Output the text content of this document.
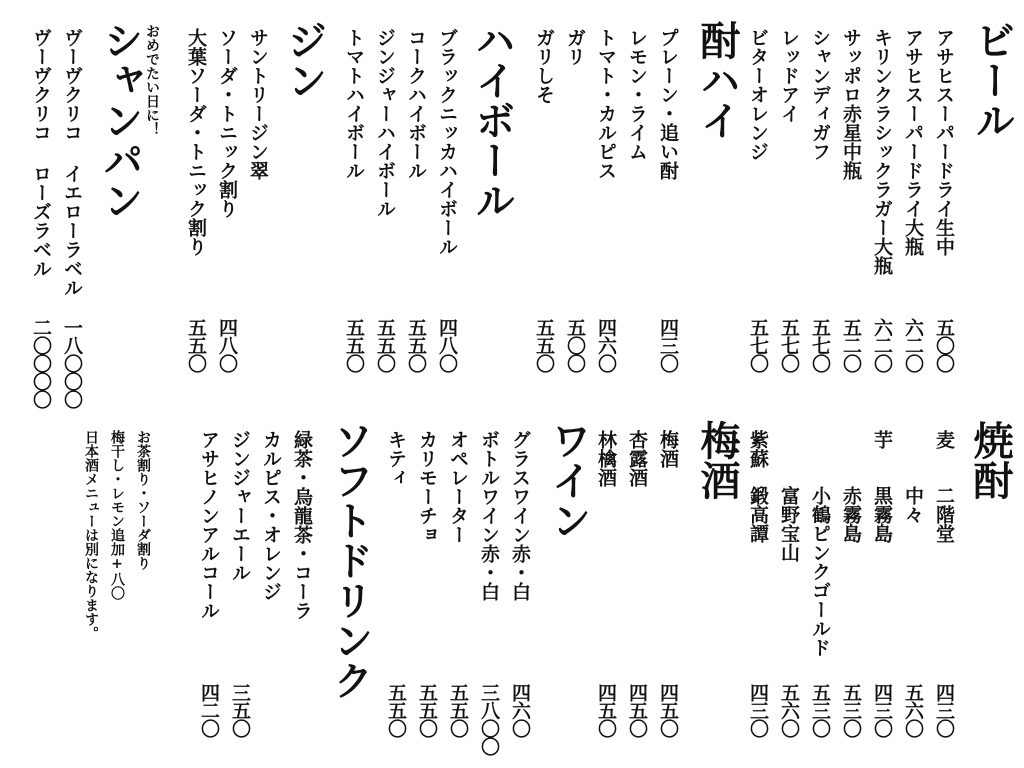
ビール
アサヒスーパードライ生中
五〇〇
アサヒスーパードライ大瓶
六二〇
キリンクラシックラガー大瓶
六二〇
サッポロ赤星中瓶
五二〇
シャンディガフ
五七〇
レッドアイ
五七〇
ビターオレンジ
五七〇
酎ハイ
プレーン・追い酎
四三〇
レモン・ライム
四六〇
トマト・カルピス
五〇〇
ガリ
五五〇
ガリしそ
ハイボール
ブラックニッカハイボール
四八〇
コークハイボール
五五〇
ジンジャーハイボール
五五〇
トマトハイボール
五五〇
ジン
サントリージン翠
ソーダ・トニック割り
四八〇
大葉ソーダ・トニック割り
五五〇
おめでたい日に！
シャンパン
ヴーヴクリコ イエローラベル
一八〇〇〇
ヴーヴクリコ ローズラベル
二〇〇〇〇
焼酎
麦
二階堂
四三〇
中々
五六〇
芋
黒霧島
四三〇
赤霧島
五三〇
小鶴ピンクゴールド
五三〇
富野宝山
五六〇
紫蘇
鍛高譚
四三〇
梅酒
梅酒
四五〇
杏露酒
四五〇
林檎酒
四五〇
ワイン
グラスワイン赤・白
四六〇
ボトルワイン赤・白
三八〇〇
オペレーター
五五〇
カリモーチョ
五五〇
キティ
五五〇
ソフトドリンク
緑茶・烏龍茶・コーラ
カルピス・オレンジ
ジンジャーエール
三五〇
アサヒノンアルコール
四二〇
お茶割り・ソーダ割り
梅干し・レモン追加+八〇
日本酒メニューは別になります。
